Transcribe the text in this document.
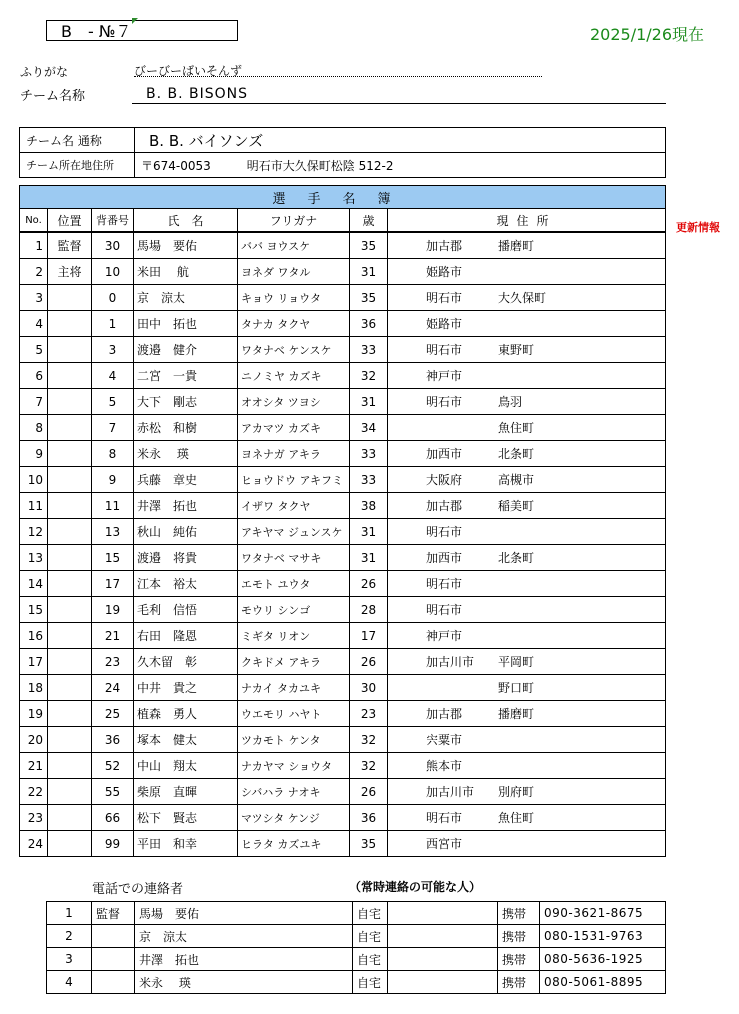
B　- №７	2025/1/26現在
ふりがな	びーびーばいそんず
チーム名称	B. B. BISONS
チーム名 通称	B. B. バイソンズ
チーム所在地住所	〒674-0053 明石市大久保町松陰 512-2
更新情報
選手名簿						
No.	位置	背番号	氏　名	フリガナ	歳	現住所
1	監督	30	馬場　要佑	ババ ヨウスケ	35	加古郡 播磨町
2	主将	10	米田　 航	ヨネダ ワタル	31	姫路市
3		0	京　涼太	キョウ リョウタ	35	明石市 大久保町
4		1	田中　拓也	タナカ タクヤ	36	姫路市
5		3	渡邉　健介	ワタナベ ケンスケ	33	明石市 東野町
6		4	二宮　一貴	ニノミヤ カズキ	32	神戸市
7		5	大下　剛志	オオシタ ツヨシ	31	明石市 鳥羽
8		7	赤松　和樹	アカマツ カズキ	34	魚住町
9		8	米永　 瑛	ヨネナガ アキラ	33	加西市 北条町
10		9	兵藤　章史	ヒョウドウ アキフミ	33	大阪府 高槻市
11		11	井澤　拓也	イザワ タクヤ	38	加古郡 稲美町
12		13	秋山　純佑	アキヤマ ジュンスケ	31	明石市
13		15	渡邉　将貴	ワタナベ マサキ	31	加西市 北条町
14		17	江本　裕太	エモト ユウタ	26	明石市
15		19	毛利　信悟	モウリ シンゴ	28	明石市
16		21	右田　隆恩	ミギタ リオン	17	神戸市
17		23	久木留　彰	クキドメ アキラ	26	加古川市 平岡町
18		24	中井　貴之	ナカイ タカユキ	30	野口町
19		25	植森　勇人	ウエモリ ハヤト	23	加古郡 播磨町
20		36	塚本　健太	ツカモト ケンタ	32	宍粟市
21		52	中山　翔太	ナカヤマ ショウタ	32	熊本市
22		55	柴原　直暉	シバハラ ナオキ	26	加古川市 別府町
23		66	松下　賢志	マツシタ ケンジ	36	明石市 魚住町
24		99	平田　和幸	ヒラタ カズユキ	35	西宮市
電話での連絡者	（常時連絡の可能な人）
1	監督	馬場　要佑	自宅		携帯	090-3621-8675
2		京　涼太	自宅		携帯	080-1531-9763
3		井澤　拓也	自宅		携帯	080-5636-1925
4		米永　 瑛	自宅		携帯	080-5061-8895
